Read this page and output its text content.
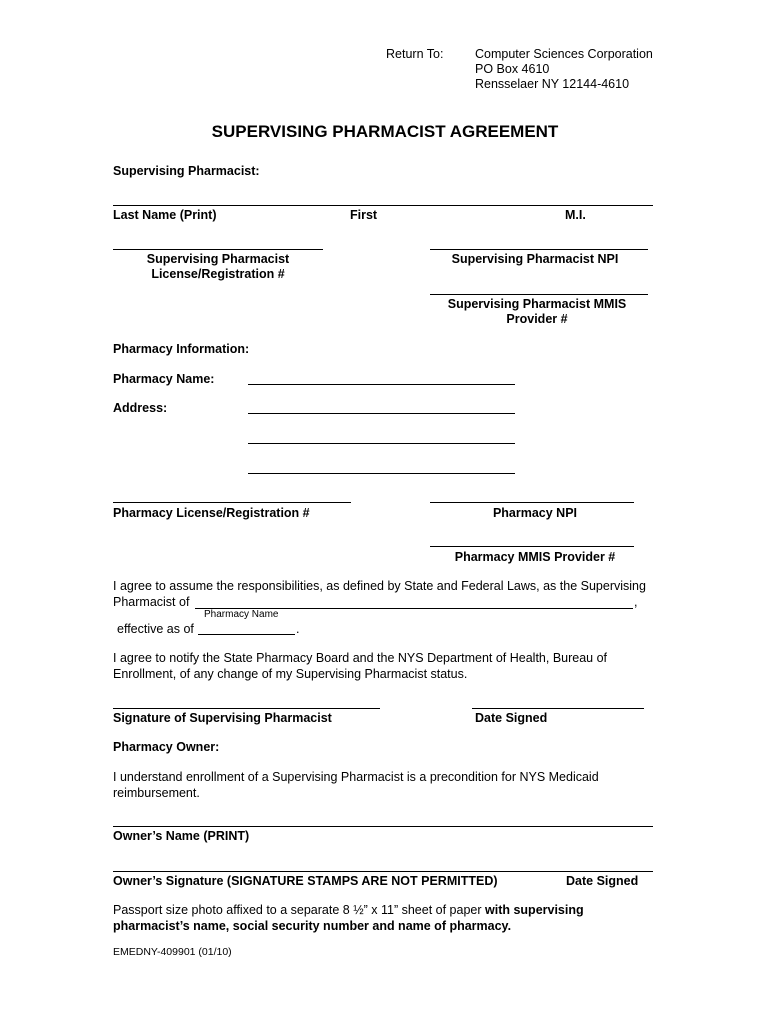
Return To:	Computer Sciences Corporation
PO Box 4610
Rensselaer NY 12144-4610
SUPERVISING PHARMACIST AGREEMENT
Supervising Pharmacist:
Last Name (Print)	First	M.I.
Supervising Pharmacist
License/Registration #
Supervising Pharmacist NPI
Supervising Pharmacist MMIS
Provider #
Pharmacy Information:
Pharmacy Name:
Address:
Pharmacy License/Registration #	Pharmacy NPI
Pharmacy MMIS Provider #
I agree to assume the responsibilities, as defined by State and Federal Laws, as the Supervising
Pharmacist of	,
Pharmacy Name
effective as of	.
I agree to notify the State Pharmacy Board and the NYS Department of Health, Bureau of Enrollment, of any change of my Supervising Pharmacist status.
Signature of Supervising Pharmacist	Date Signed
Pharmacy Owner:
I understand enrollment of a Supervising Pharmacist is a precondition for NYS Medicaid reimbursement.
Owner’s Name (PRINT)
Owner’s Signature (SIGNATURE STAMPS ARE NOT PERMITTED)	Date Signed
Passport size photo affixed to a separate 8 ½” x 11” sheet of paper with supervising pharmacist’s name, social security number and name of pharmacy.
EMEDNY-409901 (01/10)
